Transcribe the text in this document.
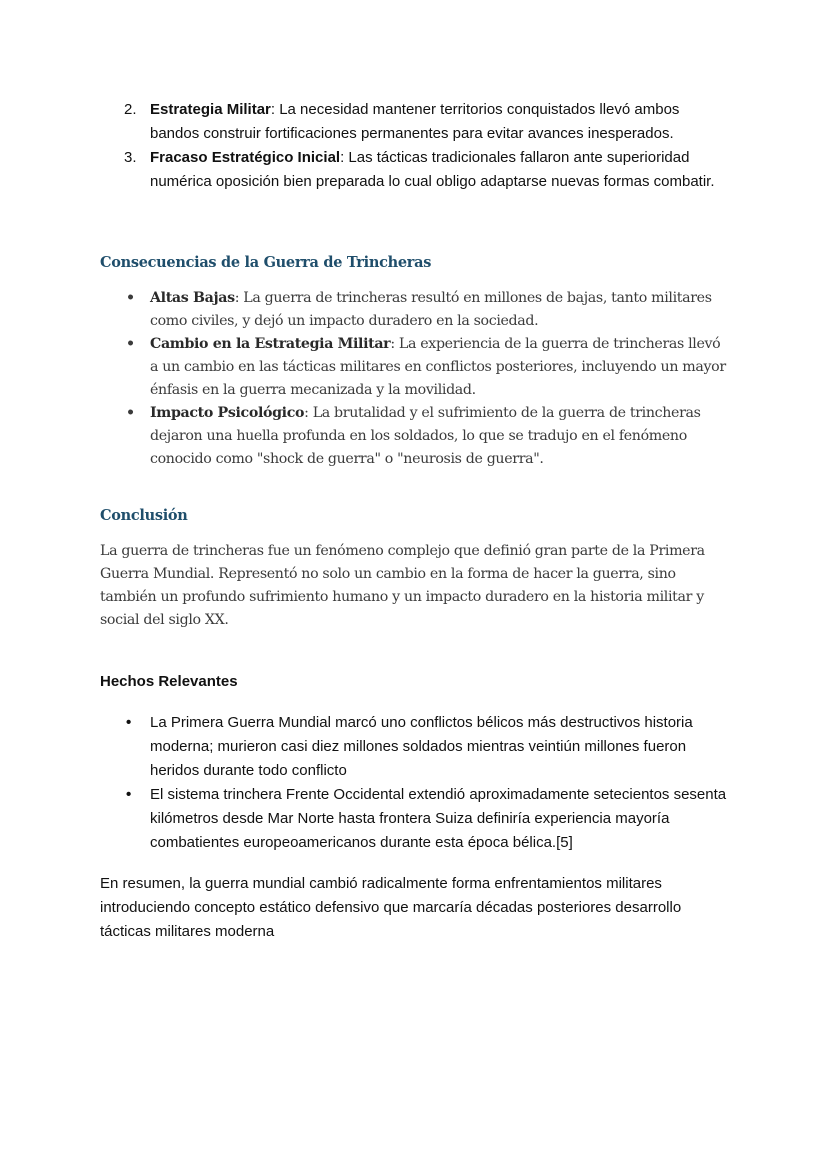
2. Estrategia Militar: La necesidad mantener territorios conquistados llevó ambos bandos construir fortificaciones permanentes para evitar avances inesperados.
3. Fracaso Estratégico Inicial: Las tácticas tradicionales fallaron ante superioridad numérica oposición bien preparada lo cual obligo adaptarse nuevas formas combatir.
Consecuencias de la Guerra de Trincheras
• Altas Bajas: La guerra de trincheras resultó en millones de bajas, tanto militares como civiles, y dejó un impacto duradero en la sociedad.
• Cambio en la Estrategia Militar: La experiencia de la guerra de trincheras llevó a un cambio en las tácticas militares en conflictos posteriores, incluyendo un mayor énfasis en la guerra mecanizada y la movilidad.
• Impacto Psicológico: La brutalidad y el sufrimiento de la guerra de trincheras dejaron una huella profunda en los soldados, lo que se tradujo en el fenómeno conocido como "shock de guerra" o "neurosis de guerra".
Conclusión

La guerra de trincheras fue un fenómeno complejo que definió gran parte de la Primera Guerra Mundial. Representó no solo un cambio en la forma de hacer la guerra, sino también un profundo sufrimiento humano y un impacto duradero en la historia militar y social del siglo XX.

Hechos Relevantes
• La Primera Guerra Mundial marcó uno conflictos bélicos más destructivos historia moderna; murieron casi diez millones soldados mientras veintiún millones fueron heridos durante todo conflicto
• El sistema trinchera Frente Occidental extendió aproximadamente setecientos sesenta kilómetros desde Mar Norte hasta frontera Suiza definiría experiencia mayoría combatientes europeoamericanos durante esta época bélica.[5]

En resumen, la guerra mundial cambió radicalmente forma enfrentamientos militares introduciendo concepto estático defensivo que marcaría décadas posteriores desarrollo tácticas militares moderna
